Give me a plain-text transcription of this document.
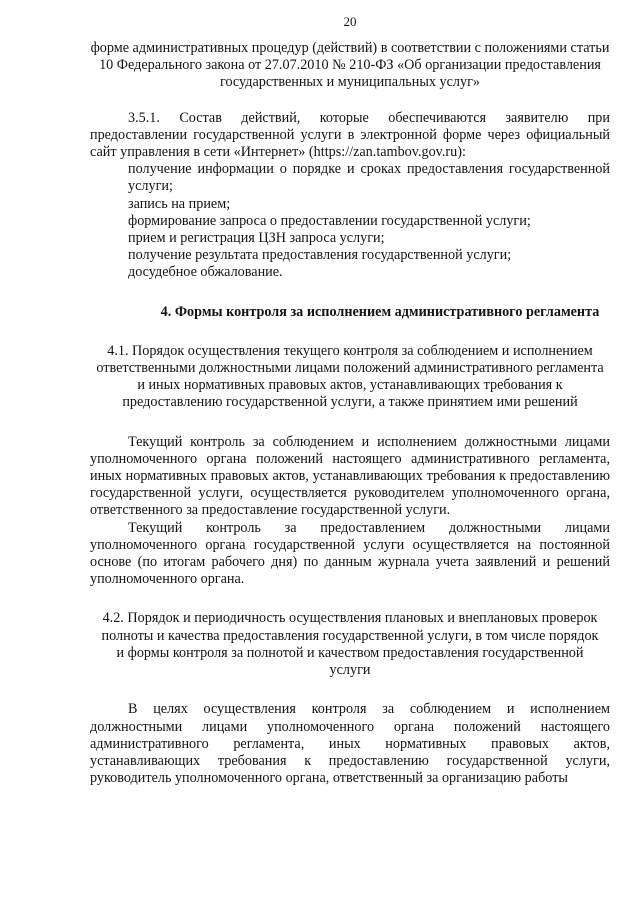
20

форме административных процедур (действий) в соответствии с положениями статьи 10 Федерального закона от 27.07.2010 № 210-ФЗ «Об организации предоставления государственных и муниципальных услуг»

3.5.1. Состав действий, которые обеспечиваются заявителю при предоставлении государственной услуги в электронной форме через официальный сайт управления в сети «Интернет» (https://zan.tambov.gov.ru):

получение информации о порядке и сроках предоставления государственной услуги;

запись на прием;

формирование запроса о предоставлении государственной услуги;

прием и регистрация ЦЗН запроса услуги;

получение результата предоставления государственной услуги;

досудебное обжалование.

4. Формы контроля за исполнением административного регламента

4.1. Порядок осуществления текущего контроля за соблюдением и исполнением ответственными должностными лицами положений административного регламента и иных нормативных правовых актов, устанавливающих требования к предоставлению государственной услуги, а также принятием ими решений

Текущий контроль за соблюдением и исполнением должностными лицами уполномоченного органа положений настоящего административного регламента, иных нормативных правовых актов, устанавливающих требования к предоставлению государственной услуги, осуществляется руководителем уполномоченного органа, ответственного за предоставление государственной услуги.

Текущий контроль за предоставлением должностными лицами уполномоченного органа государственной услуги осуществляется на постоянной основе (по итогам рабочего дня) по данным журнала учета заявлений и решений уполномоченного органа.

4.2. Порядок и периодичность осуществления плановых и внеплановых проверок полноты и качества предоставления государственной услуги, в том числе порядок и формы контроля за полнотой и качеством предоставления государственной услуги

В целях осуществления контроля за соблюдением и исполнением должностными лицами уполномоченного органа положений настоящего административного регламента, иных нормативных правовых актов, устанавливающих требования к предоставлению государственной услуги, руководитель уполномоченного органа, ответственный за организацию работы
